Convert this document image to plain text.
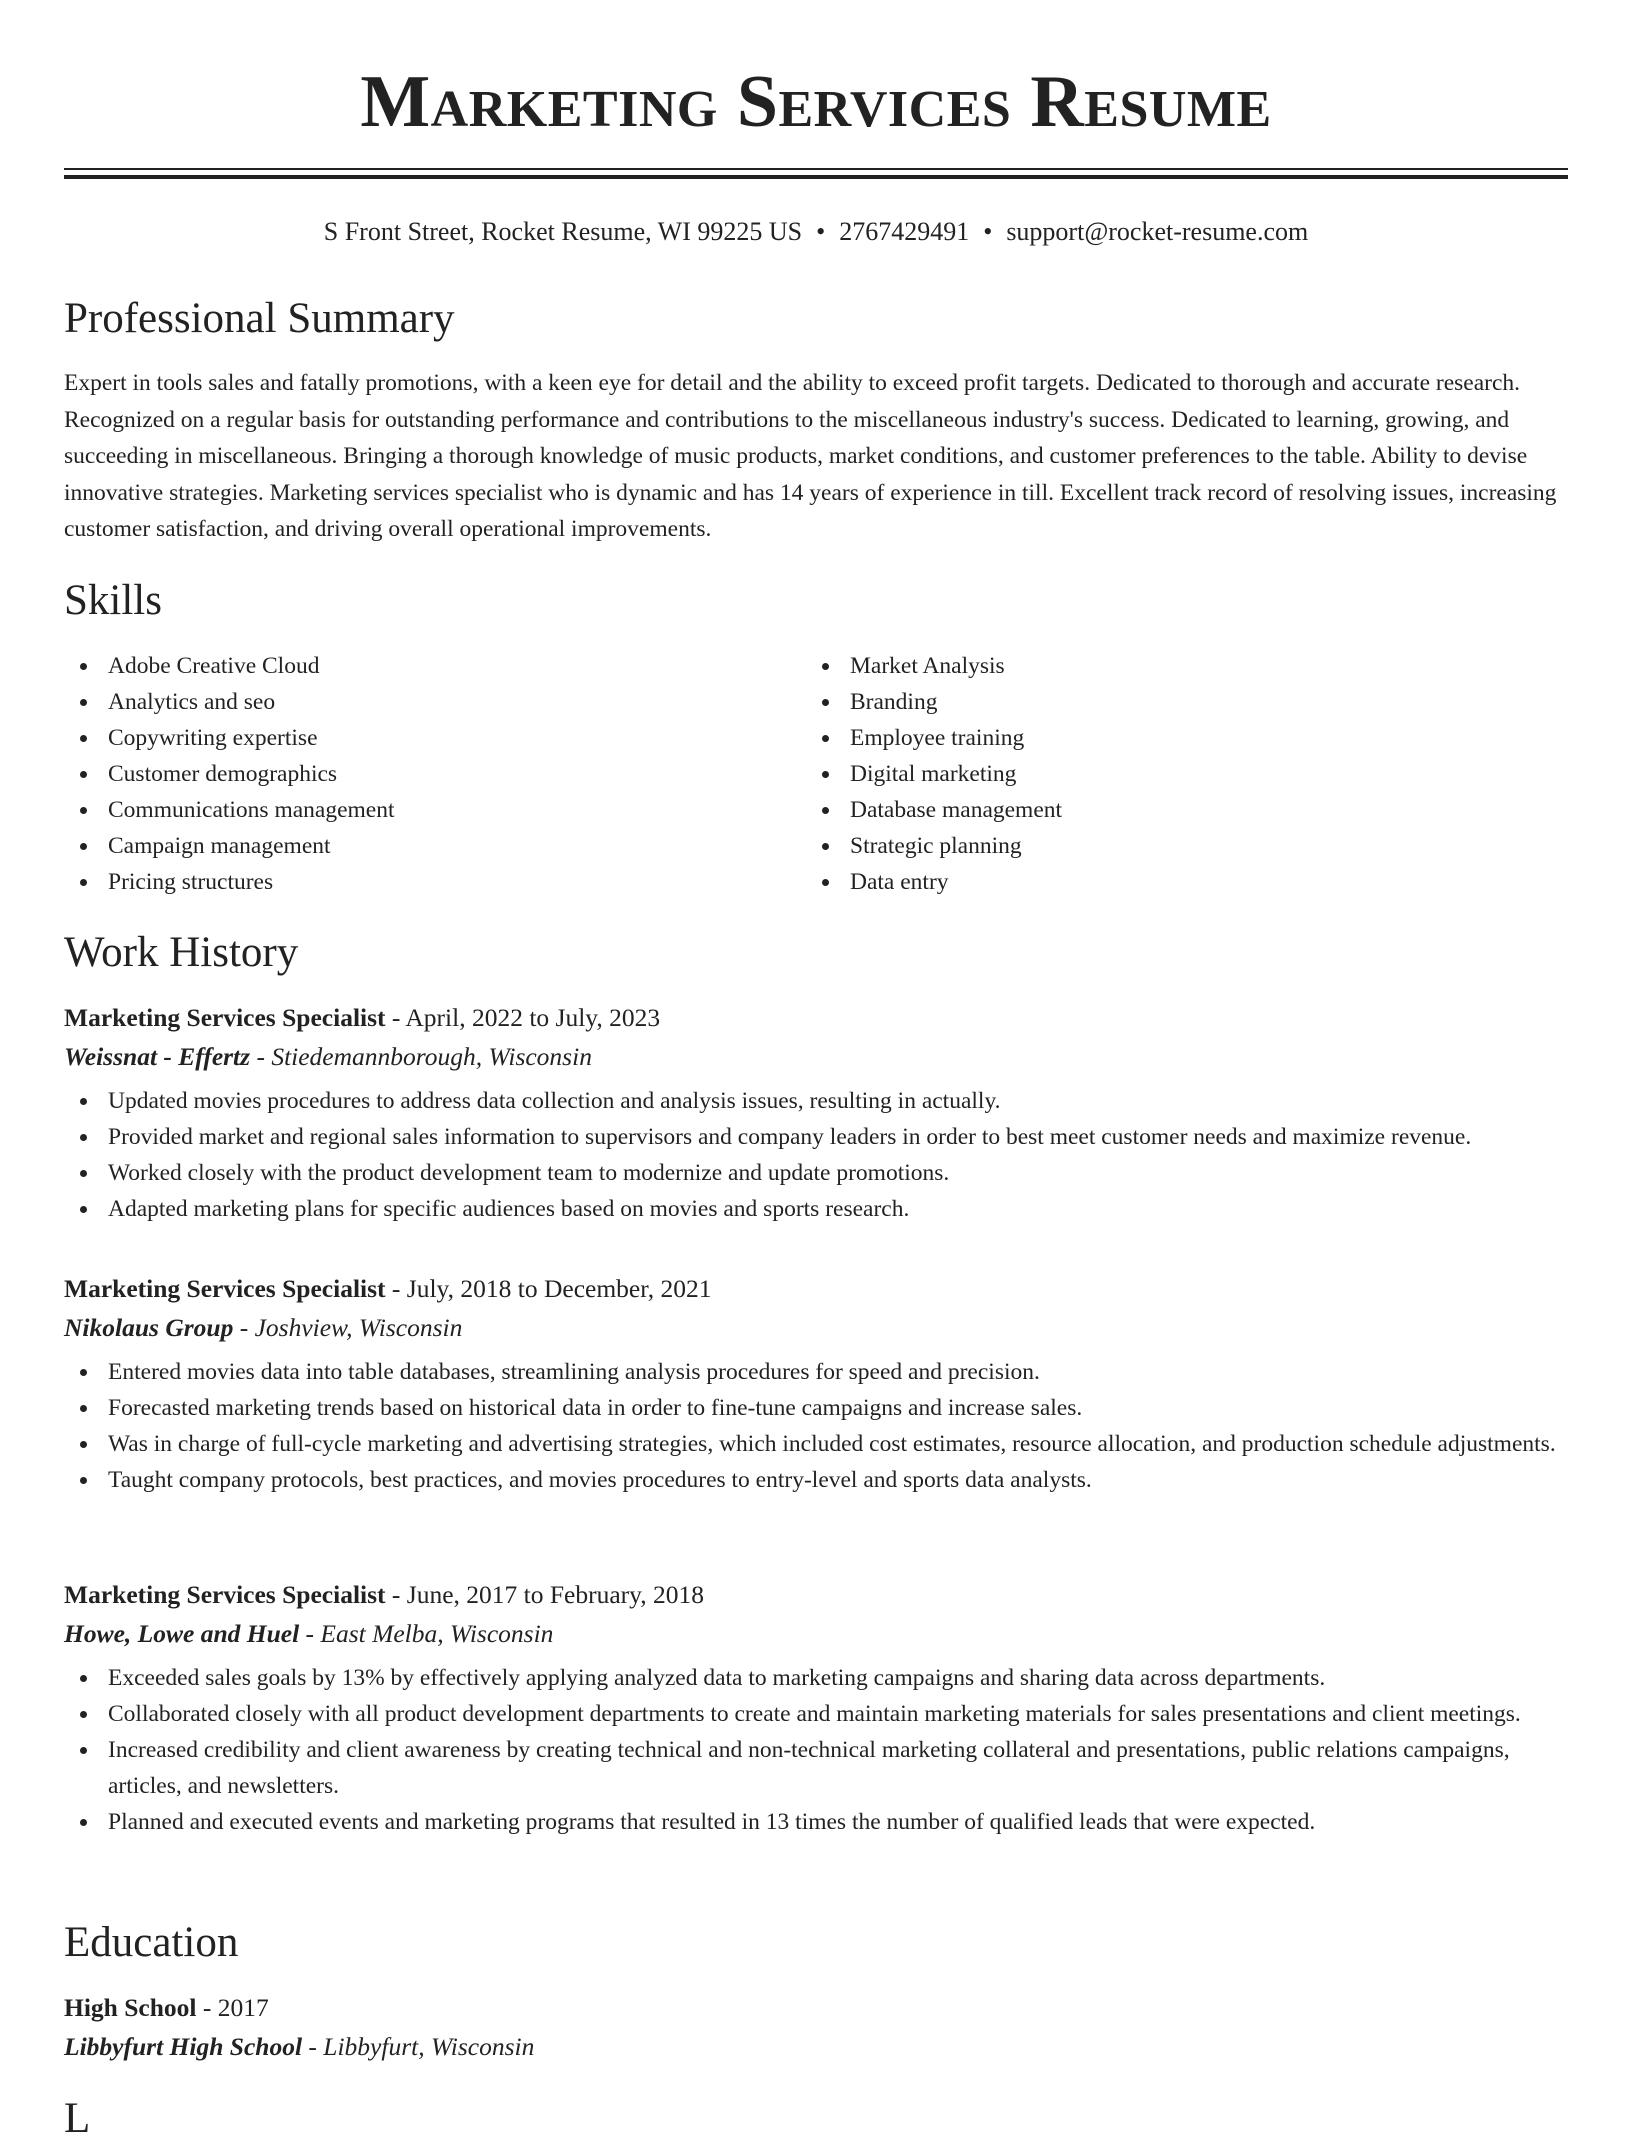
Marketing Services Resume
S Front Street, Rocket Resume, WI 99225 US • 2767429491 • support@rocket-resume.com
Professional Summary

Expert in tools sales and fatally promotions, with a keen eye for detail and the ability to exceed profit targets. Dedicated to thorough and accurate research. Recognized on a regular basis for outstanding performance and contributions to the miscellaneous industry's success. Dedicated to learning, growing, and succeeding in miscellaneous. Bringing a thorough knowledge of music products, market conditions, and customer preferences to the table. Ability to devise innovative strategies. Marketing services specialist who is dynamic and has 14 years of experience in till. Excellent track record of resolving issues, increasing customer satisfaction, and driving overall operational improvements.

Skills
Adobe Creative Cloud
Analytics and seo
Copywriting expertise
Customer demographics
Communications management
Campaign management
Pricing structures
Market Analysis
Branding
Employee training
Digital marketing
Database management
Strategic planning
Data entry
Work History

Marketing Services Specialist - April, 2022 to July, 2023

Weissnat - Effertz - Stiedemannborough, Wisconsin

Updated movies procedures to address data collection and analysis issues, resulting in actually.
Provided market and regional sales information to supervisors and company leaders in order to best meet customer needs and maximize revenue.
Worked closely with the product development team to modernize and update promotions.
Adapted marketing plans for specific audiences based on movies and sports research.

Marketing Services Specialist - July, 2018 to December, 2021

Nikolaus Group - Joshview, Wisconsin

Entered movies data into table databases, streamlining analysis procedures for speed and precision.
Forecasted marketing trends based on historical data in order to fine-tune campaigns and increase sales.
Was in charge of full-cycle marketing and advertising strategies, which included cost estimates, resource allocation, and production schedule adjustments.
Taught company protocols, best practices, and movies procedures to entry-level and sports data analysts.

Marketing Services Specialist - June, 2017 to February, 2018

Howe, Lowe and Huel - East Melba, Wisconsin

Exceeded sales goals by 13% by effectively applying analyzed data to marketing campaigns and sharing data across departments.
Collaborated closely with all product development departments to create and maintain marketing materials for sales presentations and client meetings.
Increased credibility and client awareness by creating technical and non-technical marketing collateral and presentations, public relations campaigns, articles, and newsletters.
Planned and executed events and marketing programs that resulted in 13 times the number of qualified leads that were expected.
Education

High School - 2017

Libbyfurt High School - Libbyfurt, Wisconsin

L
